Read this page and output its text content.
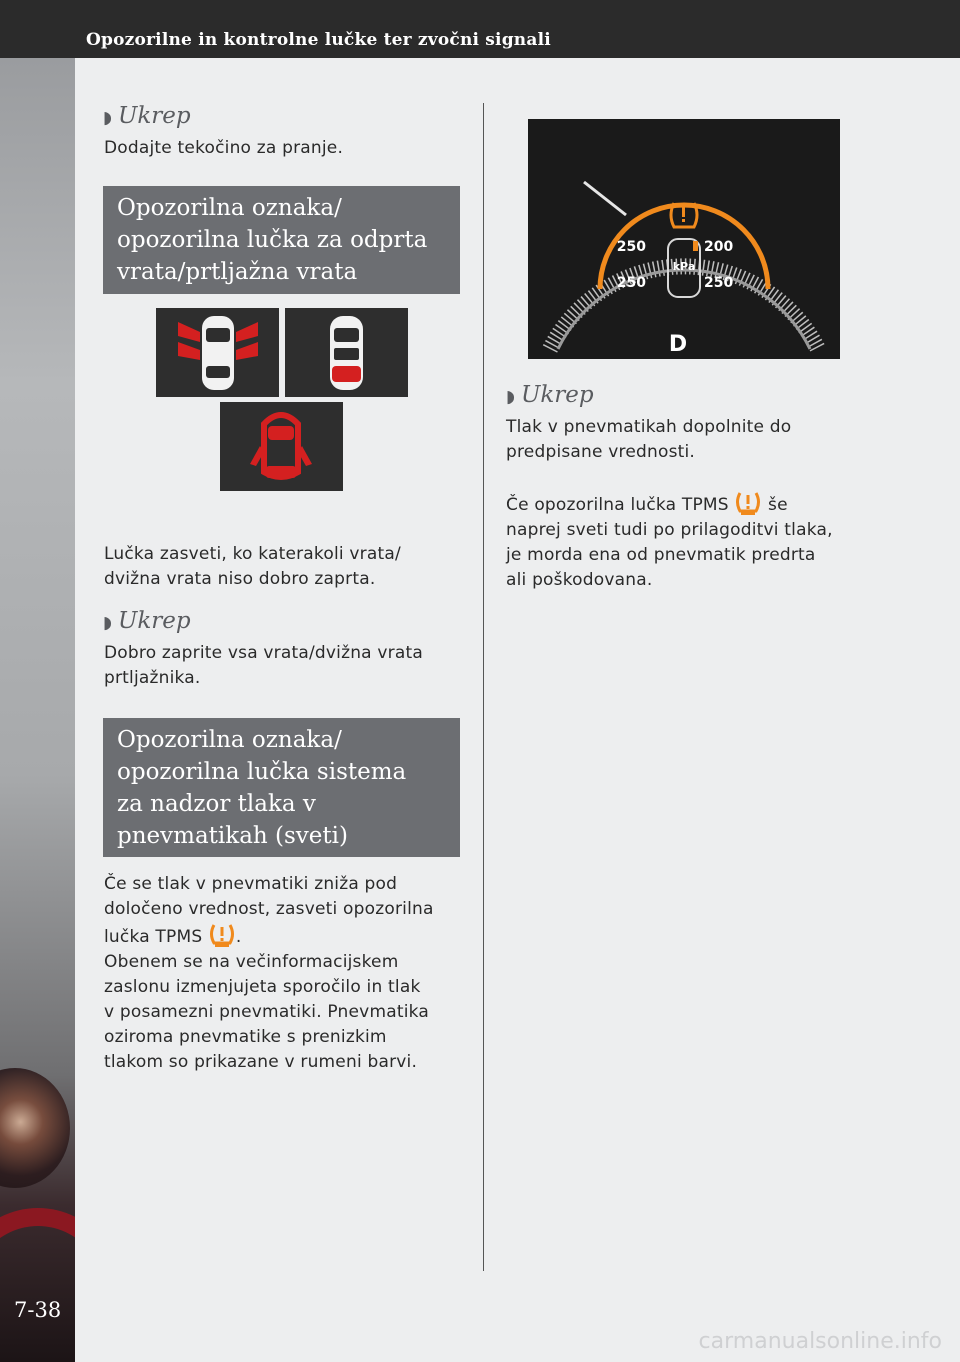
Opozorilne in kontrolne lučke ter zvočni signali
7-38
◗ Ukrep
Dodajte tekočino za pranje.
Opozorilna oznaka/
opozorilna lučka za odprta
vrata/prtljažna vrata
Lučka zasveti, ko katerakoli vrata/
dvižna vrata niso dobro zaprta.
◗ Ukrep
Dobro zaprite vsa vrata/dvižna vrata
prtljažnika.
Opozorilna oznaka/
opozorilna lučka sistema
za nadzor tlaka v
pnevmatikah (sveti)
Če se tlak v pnevmatiki zniža pod
določeno vrednost, zasveti opozorilna
lučka TPMS .
Obenem se na večinformacijskem
zaslonu izmenjujeta sporočilo in tlak
v posamezni pnevmatiki. Pnevmatika
oziroma pnevmatike s prenizkim
tlakom so prikazane v rumeni barvi.
250	200
250	250
kPa
D
◗ Ukrep
Tlak v pnevmatikah dopolnite do
predpisane vrednosti.
Če opozorilna lučka TPMS še
naprej sveti tudi po prilagoditvi tlaka,
je morda ena od pnevmatik predrta
ali poškodovana.
carmanualsonline.info
